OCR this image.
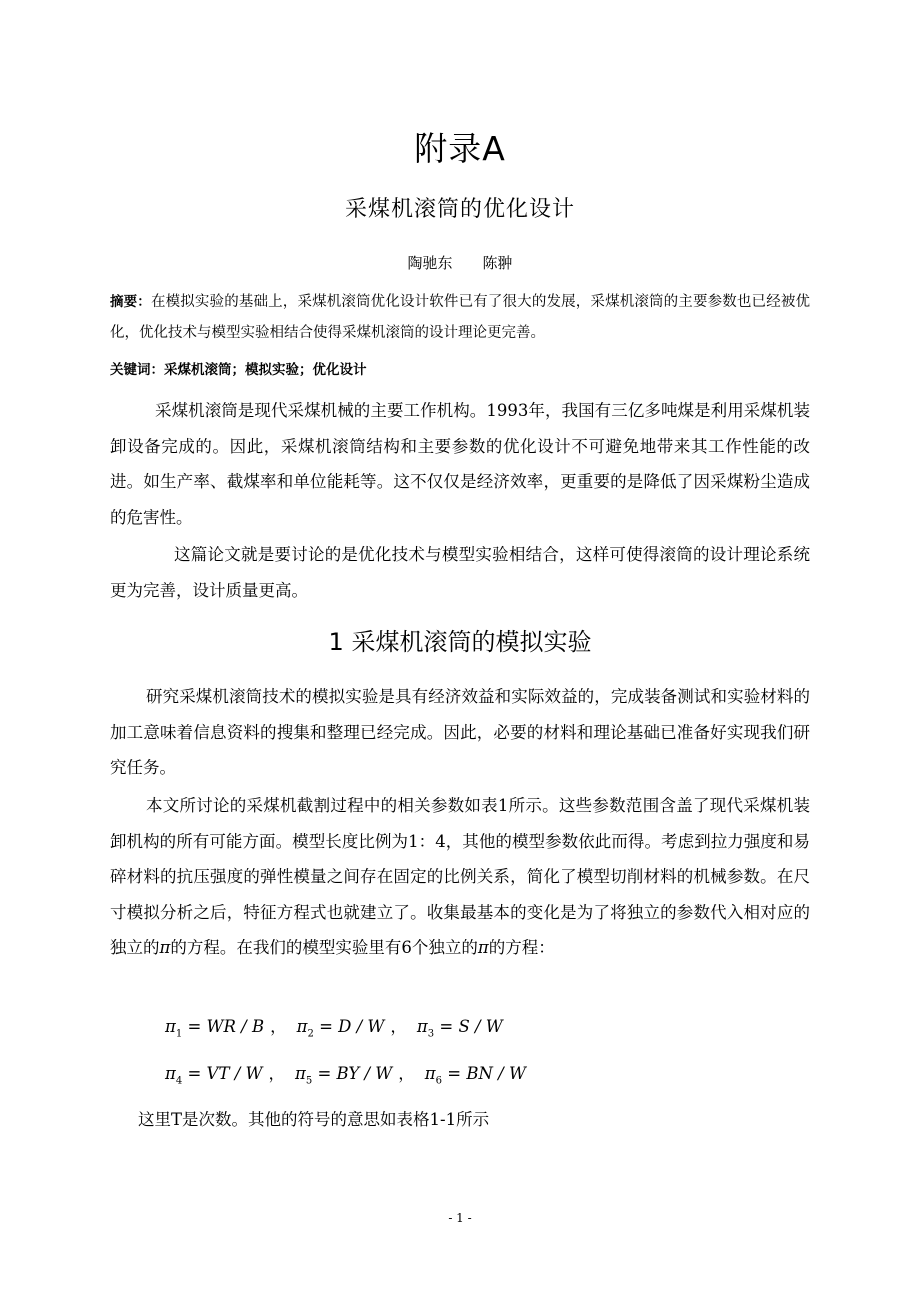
附录A
采煤机滚筒的优化设计
陶驰东 陈翀
摘要：在模拟实验的基础上，采煤机滚筒优化设计软件已有了很大的发展，采煤机滚筒的主要参数也已经被优化，优化技术与模型实验相结合使得采煤机滚筒的设计理论更完善。
关键词：采煤机滚筒；模拟实验；优化设计

采煤机滚筒是现代采煤机械的主要工作机构。1993年，我国有三亿多吨煤是利用采煤机装卸设备完成的。因此，采煤机滚筒结构和主要参数的优化设计不可避免地带来其工作性能的改进。如生产率、截煤率和单位能耗等。这不仅仅是经济效率，更重要的是降低了因采煤粉尘造成的危害性。

这篇论文就是要讨论的是优化技术与模型实验相结合，这样可使得滚筒的设计理论系统更为完善，设计质量更高。

1 采煤机滚筒的模拟实验

研究采煤机滚筒技术的模拟实验是具有经济效益和实际效益的，完成装备测试和实验材料的加工意味着信息资料的搜集和整理已经完成。因此，必要的材料和理论基础已准备好实现我们研究任务。

本文所讨论的采煤机截割过程中的相关参数如表1所示。这些参数范围含盖了现代采煤机装卸机构的所有可能方面。模型长度比例为1：4，其他的模型参数依此而得。考虑到拉力强度和易碎材料的抗压强度的弹性模量之间存在固定的比例关系，简化了模型切削材料的机械参数。在尺寸模拟分析之后，特征方程式也就建立了。收集最基本的变化是为了将独立的参数代入相对应的独立的π的方程。在我们的模型实验里有6个独立的π的方程：

$\pi_1$ = WR / B ， $\pi_2 = D / W$ ， $\pi_3 = S / W$
$\pi_4$ = VT / W ， $\pi_5$ = BY / W ， $\pi_6$ = BN / W

这里T是次数。其他的符号的意思如表格1-1所示

- 1 -
